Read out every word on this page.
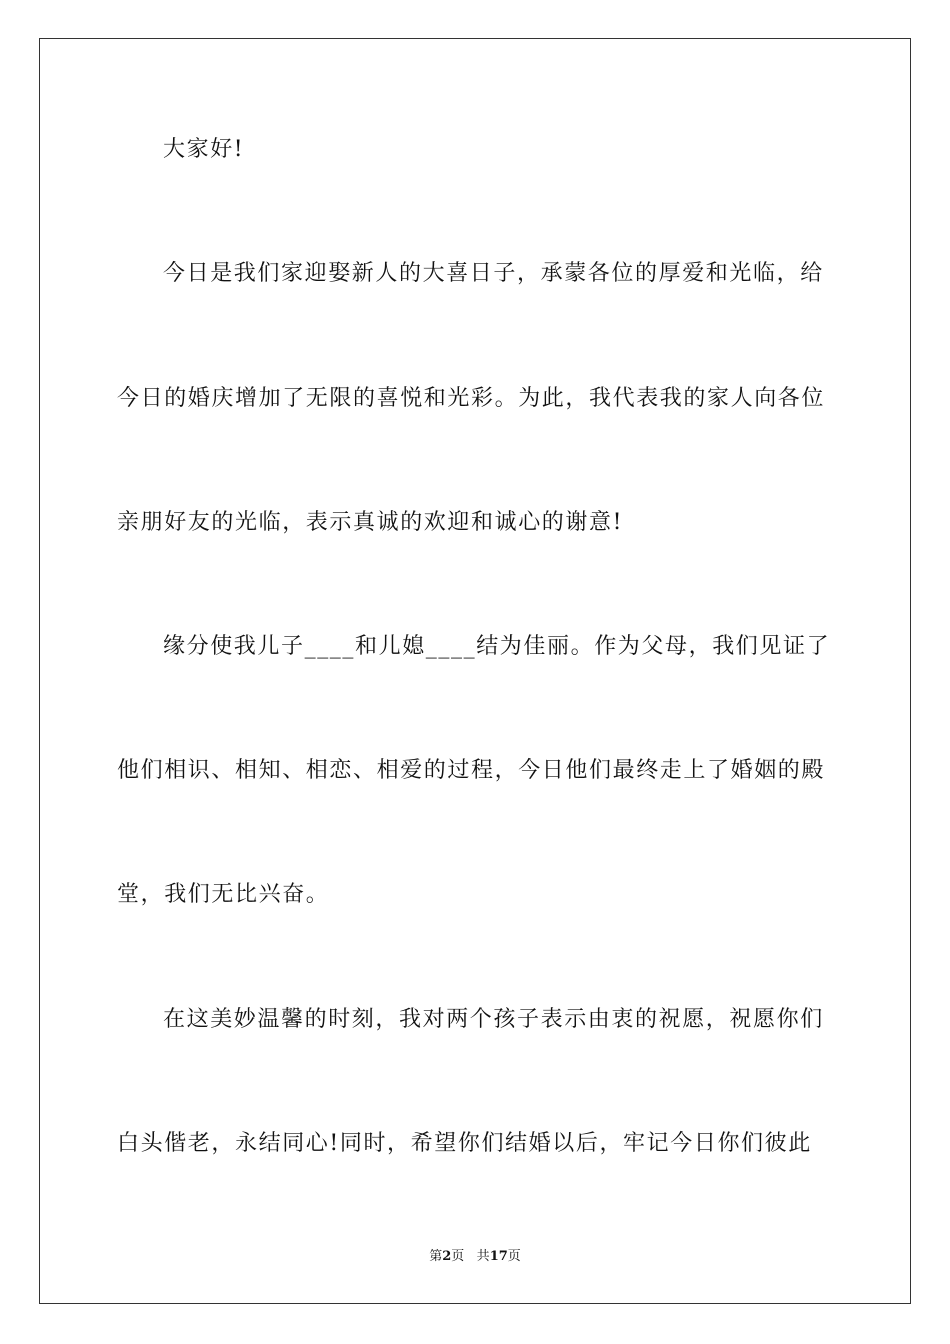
大家好!
今日是我们家迎娶新人的大喜日子，承蒙各位的厚爱和光临，给
今日的婚庆增加了无限的喜悦和光彩。为此，我代表我的家人向各位
亲朋好友的光临，表示真诚的欢迎和诚心的谢意!
缘分使我儿子____和儿媳____结为佳丽。作为父母，我们见证了
他们相识、相知、相恋、相爱的过程，今日他们最终走上了婚姻的殿
堂，我们无比兴奋。
在这美妙温馨的时刻，我对两个孩子表示由衷的祝愿，祝愿你们
白头偕老，永结同心!同时，希望你们结婚以后，牢记今日你们彼此
第2页 共17页
